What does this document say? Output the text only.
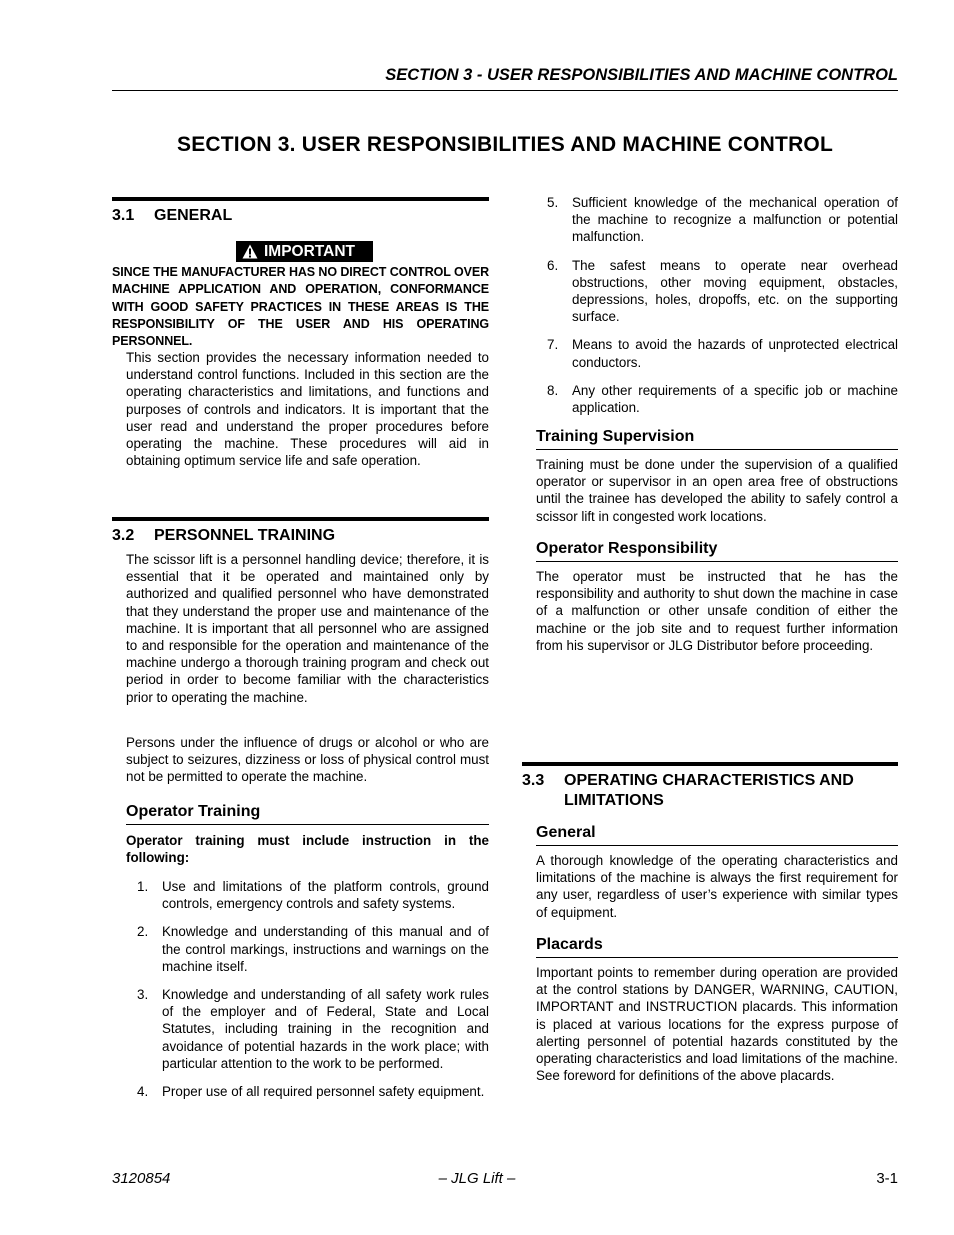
SECTION 3 - USER RESPONSIBILITIES AND MACHINE CONTROL
SECTION 3. USER RESPONSIBILITIES AND MACHINE CONTROL
3.1 GENERAL
SINCE THE MANUFACTURER HAS NO DIRECT CONTROL OVER MACHINE APPLICATION AND OPERATION, CONFORMANCE WITH GOOD SAFETY PRACTICES IN THESE AREAS IS THE RESPONSIBILITY OF THE USER AND HIS OPERATING PERSONNEL.

This section provides the necessary information needed to understand control functions. Included in this section are the operating characteristics and limitations, and functions and purposes of controls and indicators. It is important that the user read and understand the proper procedures before operating the machine. These procedures will aid in obtaining optimum service life and safe operation.

3.2 PERSONNEL TRAINING

The scissor lift is a personnel handling device; therefore, it is essential that it be operated and maintained only by authorized and qualified personnel who have demonstrated that they understand the proper use and maintenance of the machine. It is important that all personnel who are assigned to and responsible for the operation and maintenance of the machine undergo a thorough training program and check out period in order to become familiar with the characteristics prior to operating the machine.

Persons under the influence of drugs or alcohol or who are subject to seizures, dizziness or loss of physical control must not be permitted to operate the machine.

Operator Training

Operator training must include instruction in the following:

1. Use and limitations of the platform controls, ground controls, emergency controls and safety systems.
2. Knowledge and understanding of this manual and of the control markings, instructions and warnings on the machine itself.
3. Knowledge and understanding of all safety work rules of the employer and of Federal, State and Local Statutes, including training in the recognition and avoidance of potential hazards in the work place; with particular attention to the work to be performed.
4. Proper use of all required personnel safety equipment.
IMPORTANT
5. Sufficient knowledge of the mechanical operation of the machine to recognize a malfunction or potential malfunction.
6. The safest means to operate near overhead obstructions, other moving equipment, obstacles, depressions, holes, dropoffs, etc. on the supporting surface.
7. Means to avoid the hazards of unprotected electrical conductors.
8. Any other requirements of a specific job or machine application.
Training Supervision

Training must be done under the supervision of a qualified operator or supervisor in an open area free of obstructions until the trainee has developed the ability to safely control a scissor lift in congested work locations.

Operator Responsibility

The operator must be instructed that he has the responsibility and authority to shut down the machine in case of a malfunction or other unsafe condition of either the machine or the job site and to request further information from his supervisor or JLG Distributor before proceeding.

3.3 OPERATING CHARACTERISTICS AND
LIMITATIONS
General

A thorough knowledge of the operating characteristics and limitations of the machine is always the first requirement for any user, regardless of user’s experience with similar types of equipment.

Placards

Important points to remember during operation are provided at the control stations by DANGER, WARNING, CAUTION, IMPORTANT and INSTRUCTION placards. This information is placed at various locations for the express purpose of alerting personnel of potential hazards constituted by the operating characteristics and load limitations of the machine. See foreword for definitions of the above placards.

3120854	– JLG Lift –	3-1
